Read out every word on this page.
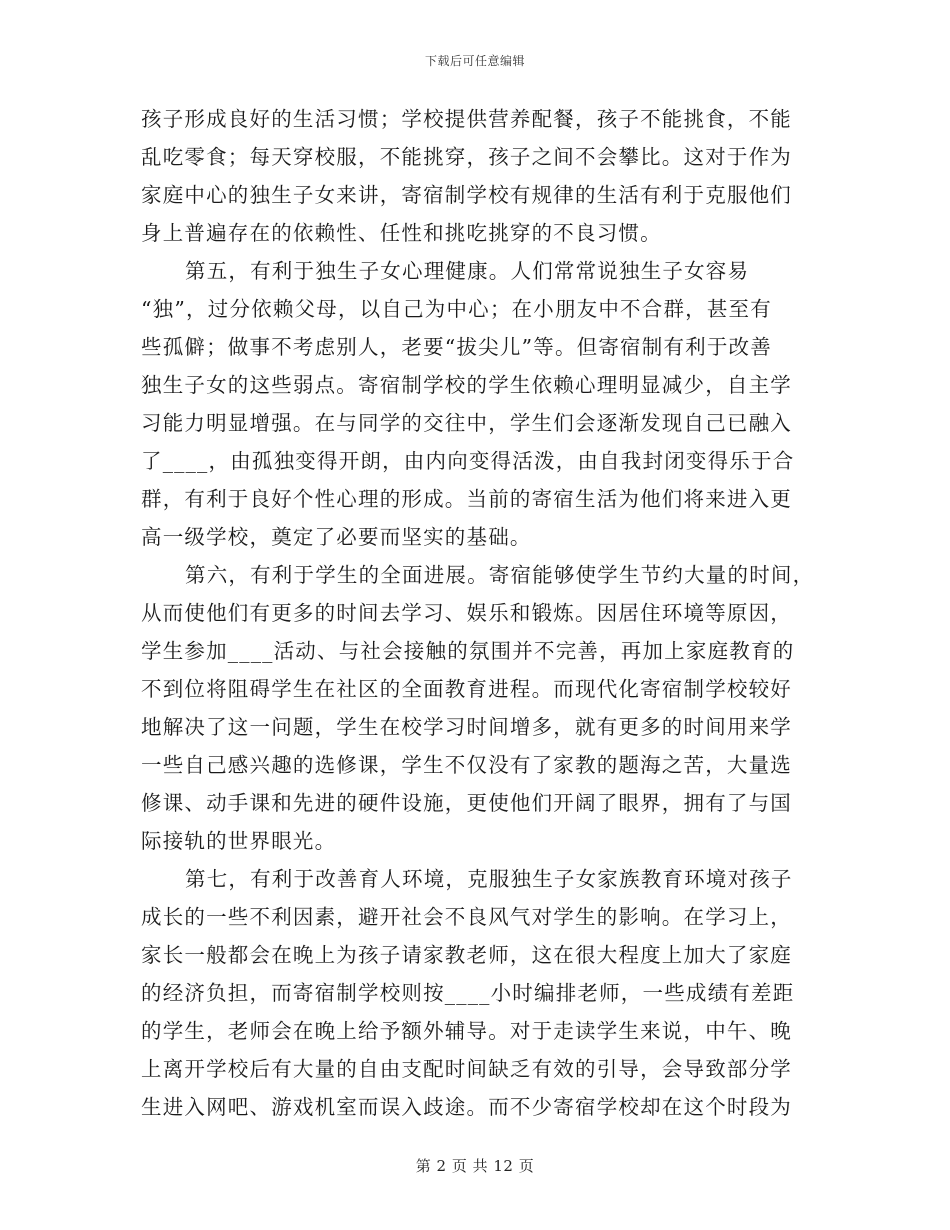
下载后可任意编辑
孩子形成良好的生活习惯；学校提供营养配餐，孩子不能挑食，不能
乱吃零食；每天穿校服，不能挑穿，孩子之间不会攀比。这对于作为
家庭中心的独生子女来讲，寄宿制学校有规律的生活有利于克服他们
身上普遍存在的依赖性、任性和挑吃挑穿的不良习惯。
第五，有利于独生子女心理健康。人们常常说独生子女容易
“独”，过分依赖父母，以自己为中心；在小朋友中不合群，甚至有
些孤僻；做事不考虑别人，老要“拔尖儿”等。但寄宿制有利于改善
独生子女的这些弱点。寄宿制学校的学生依赖心理明显减少，自主学
习能力明显增强。在与同学的交往中，学生们会逐渐发现自己已融入
了____，由孤独变得开朗，由内向变得活泼，由自我封闭变得乐于合
群，有利于良好个性心理的形成。当前的寄宿生活为他们将来进入更
高一级学校，奠定了必要而坚实的基础。
第六，有利于学生的全面进展。寄宿能够使学生节约大量的时间，
从而使他们有更多的时间去学习、娱乐和锻炼。因居住环境等原因，
学生参加____活动、与社会接触的氛围并不完善，再加上家庭教育的
不到位将阻碍学生在社区的全面教育进程。而现代化寄宿制学校较好
地解决了这一问题，学生在校学习时间增多，就有更多的时间用来学
一些自己感兴趣的选修课，学生不仅没有了家教的题海之苦，大量选
修课、动手课和先进的硬件设施，更使他们开阔了眼界，拥有了与国
际接轨的世界眼光。
第七，有利于改善育人环境，克服独生子女家族教育环境对孩子
成长的一些不利因素，避开社会不良风气对学生的影响。在学习上，
家长一般都会在晚上为孩子请家教老师，这在很大程度上加大了家庭
的经济负担，而寄宿制学校则按____小时编排老师，一些成绩有差距
的学生，老师会在晚上给予额外辅导。对于走读学生来说，中午、晚
上离开学校后有大量的自由支配时间缺乏有效的引导，会导致部分学
生进入网吧、游戏机室而误入歧途。而不少寄宿学校却在这个时段为
第 2 页 共 12 页
